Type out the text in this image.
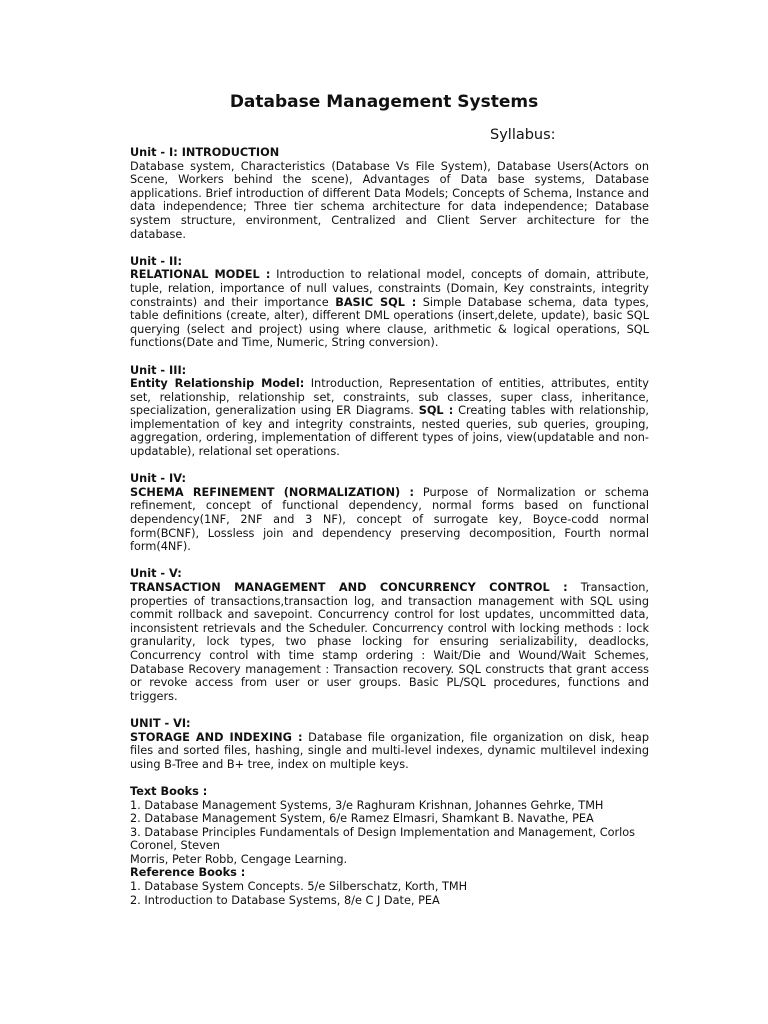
Database Management Systems
Syllabus:
Unit - I: INTRODUCTION

Database system, Characteristics (Database Vs File System), Database Users(Actors on Scene, Workers behind the scene), Advantages of Data base systems, Database applications. Brief introduction of different Data Models; Concepts of Schema, Instance and data independence; Three tier schema architecture for data independence; Database system structure, environment, Centralized and Client Server architecture for the database.

Unit - II:

RELATIONAL MODEL : Introduction to relational model, concepts of domain, attribute, tuple, relation, importance of null values, constraints (Domain, Key constraints, integrity constraints) and their importance BASIC SQL : Simple Database schema, data types, table definitions (create, alter), different DML operations (insert,delete, update), basic SQL querying (select and project) using where clause, arithmetic & logical operations, SQL functions(Date and Time, Numeric, String conversion).

Unit - III:

Entity Relationship Model: Introduction, Representation of entities, attributes, entity set, relationship, relationship set, constraints, sub classes, super class, inheritance, specialization, generalization using ER Diagrams. SQL : Creating tables with relationship, implementation of key and integrity constraints, nested queries, sub queries, grouping, aggregation, ordering, implementation of different types of joins, view(updatable and non-updatable), relational set operations.

Unit - IV:

SCHEMA REFINEMENT (NORMALIZATION) : Purpose of Normalization or schema refinement, concept of functional dependency, normal forms based on functional dependency(1NF, 2NF and 3 NF), concept of surrogate key, Boyce-codd normal form(BCNF), Lossless join and dependency preserving decomposition, Fourth normal form(4NF).

Unit - V:

TRANSACTION MANAGEMENT AND CONCURRENCY CONTROL : Transaction, properties of transactions,transaction log, and transaction management with SQL using commit rollback and savepoint. Concurrency control for lost updates, uncommitted data, inconsistent retrievals and the Scheduler. Concurrency control with locking methods : lock granularity, lock types, two phase locking for ensuring serializability, deadlocks, Concurrency control with time stamp ordering : Wait/Die and Wound/Wait Schemes, Database Recovery management : Transaction recovery. SQL constructs that grant access or revoke access from user or user groups. Basic PL/SQL procedures, functions and triggers.

UNIT - VI:

STORAGE AND INDEXING : Database file organization, file organization on disk, heap files and sorted files, hashing, single and multi-level indexes, dynamic multilevel indexing using B-Tree and B+ tree, index on multiple keys.

Text Books :

1. Database Management Systems, 3/e Raghuram Krishnan, Johannes Gehrke, TMH

2. Database Management System, 6/e Ramez Elmasri, Shamkant B. Navathe, PEA

3. Database Principles Fundamentals of Design Implementation and Management, Corlos Coronel, Steven

Morris, Peter Robb, Cengage Learning.

Reference Books :

1. Database System Concepts. 5/e Silberschatz, Korth, TMH

2. Introduction to Database Systems, 8/e C J Date, PEA
